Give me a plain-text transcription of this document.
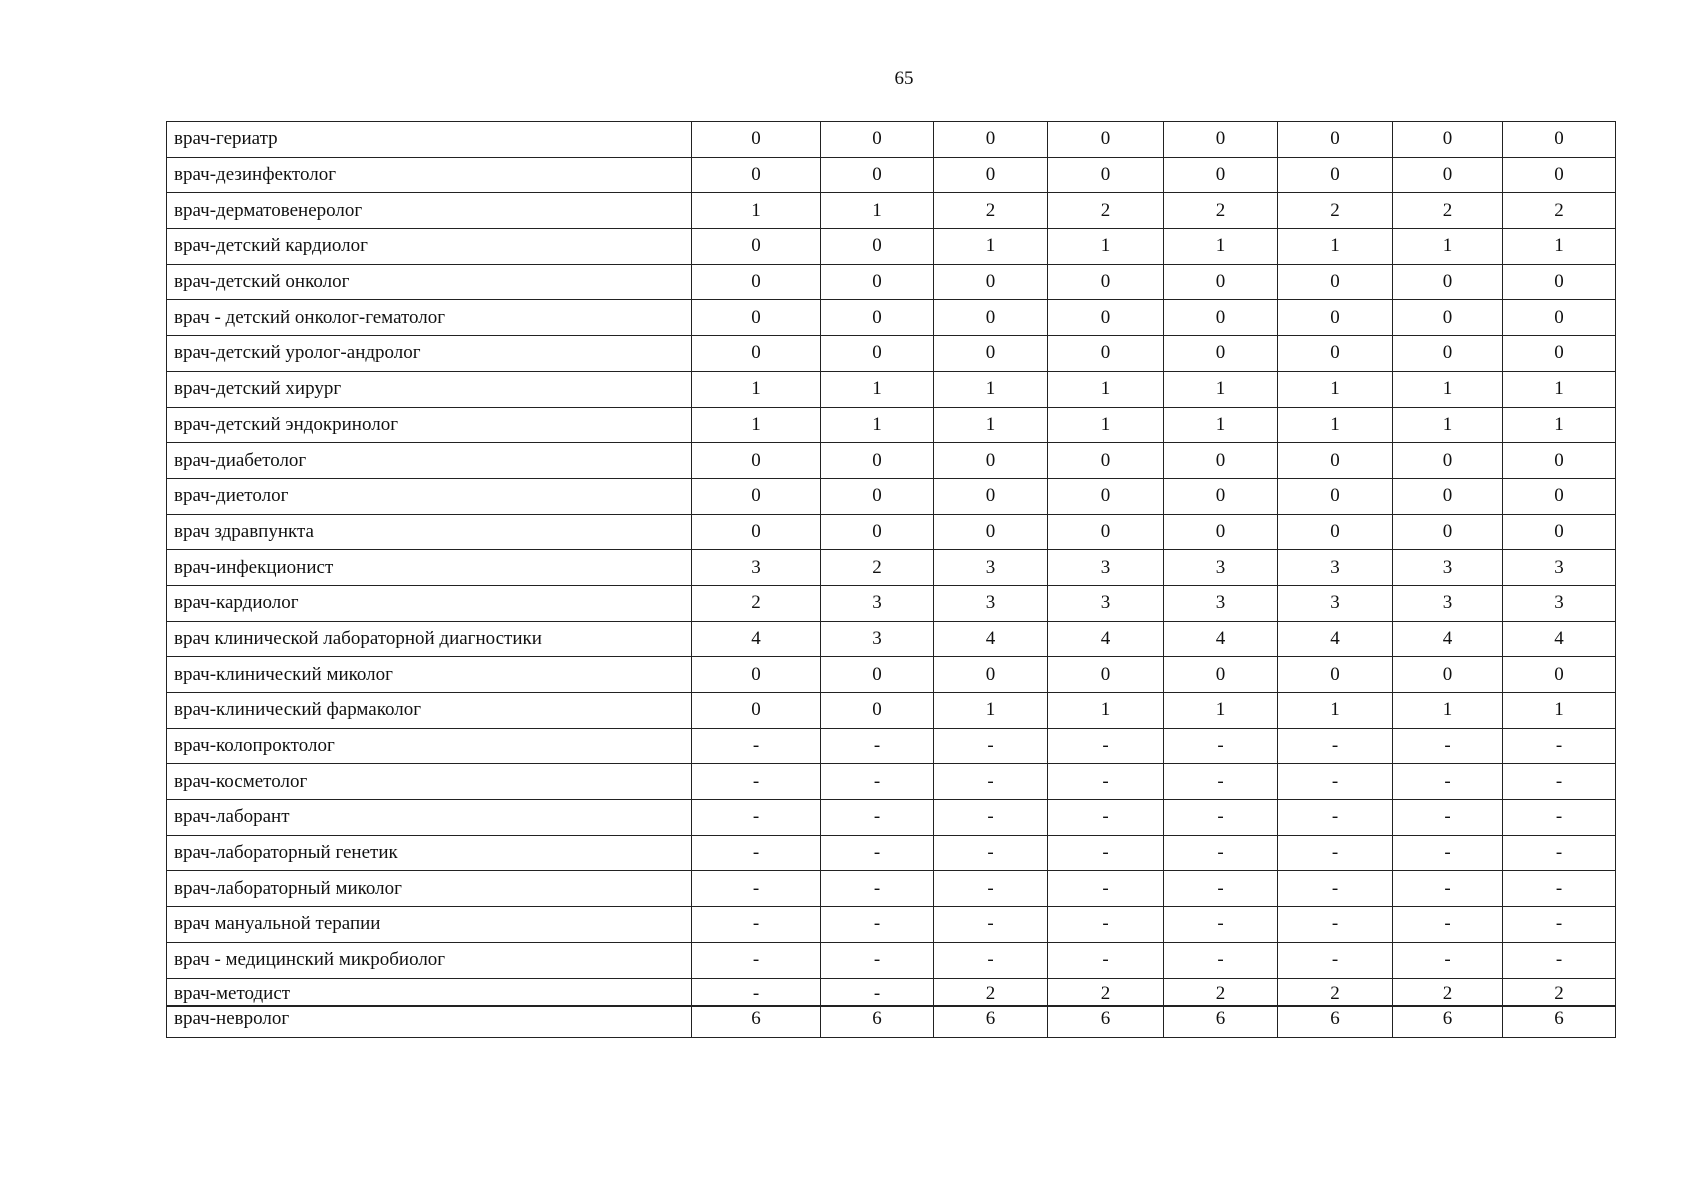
65
врач-гериатр	0	0	0	0	0	0	0	0
врач-дезинфектолог	0	0	0	0	0	0	0	0
врач-дерматовенеролог	1	1	2	2	2	2	2	2
врач-детский кардиолог	0	0	1	1	1	1	1	1
врач-детский онколог	0	0	0	0	0	0	0	0
врач - детский онколог-гематолог	0	0	0	0	0	0	0	0
врач-детский уролог-андролог	0	0	0	0	0	0	0	0
врач-детский хирург	1	1	1	1	1	1	1	1
врач-детский эндокринолог	1	1	1	1	1	1	1	1
врач-диабетолог	0	0	0	0	0	0	0	0
врач-диетолог	0	0	0	0	0	0	0	0
врач здравпункта	0	0	0	0	0	0	0	0
врач-инфекционист	3	2	3	3	3	3	3	3
врач-кардиолог	2	3	3	3	3	3	3	3
врач клинической лабораторной диагностики	4	3	4	4	4	4	4	4
врач-клинический миколог	0	0	0	0	0	0	0	0
врач-клинический фармаколог	0	0	1	1	1	1	1	1
врач-колопроктолог	-	-	-	-	-	-	-	-
врач-косметолог	-	-	-	-	-	-	-	-
врач-лаборант	-	-	-	-	-	-	-	-
врач-лабораторный генетик	-	-	-	-	-	-	-	-
врач-лабораторный миколог	-	-	-	-	-	-	-	-
врач мануальной терапии	-	-	-	-	-	-	-	-
врач - медицинский микробиолог	-	-	-	-	-	-	-	-
врач-методист	-	-	2	2	2	2	2	2
врач-невролог	6	6	6	6	6	6	6	6
